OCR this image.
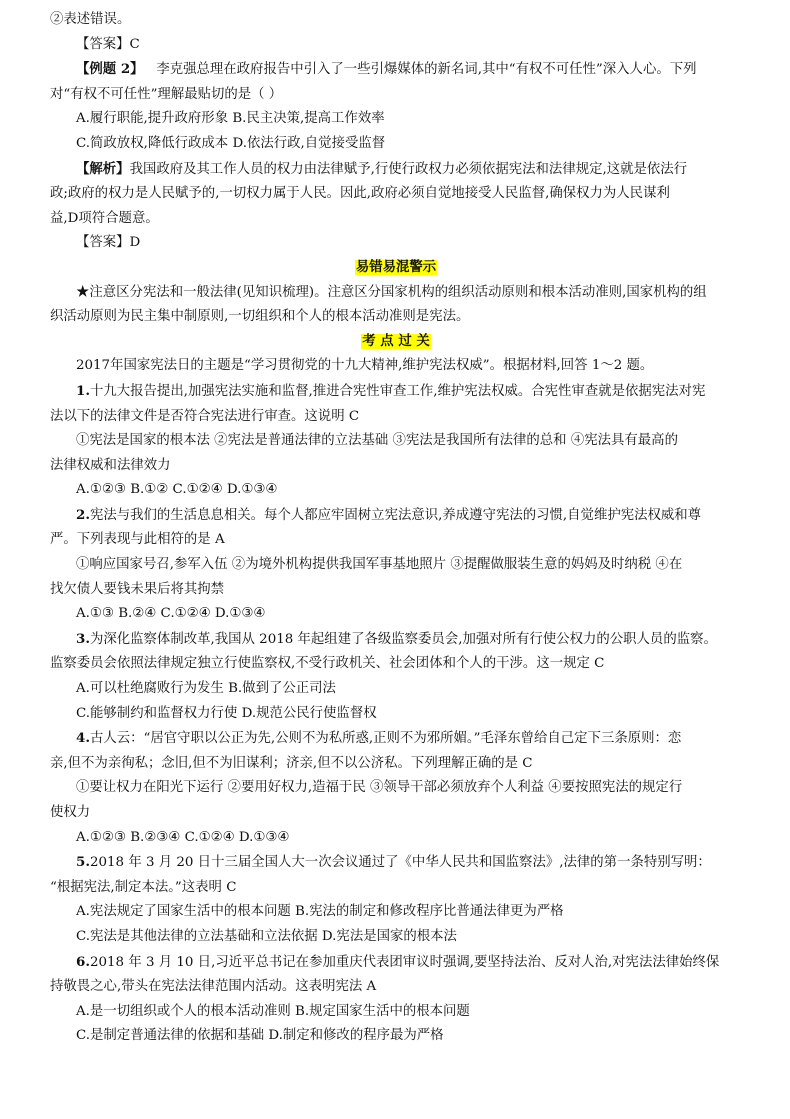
②表述错误。
【答案】C
【例题 2】 李克强总理在政府报告中引入了一些引爆媒体的新名词,其中“有权不可任性”深入人心。下列
对“有权不可任性”理解最贴切的是（ ）
A.履行职能,提升政府形象 B.民主决策,提高工作效率
C.简政放权,降低行政成本 D.依法行政,自觉接受监督
【解析】我国政府及其工作人员的权力由法律赋予,行使行政权力必须依据宪法和法律规定,这就是依法行
政;政府的权力是人民赋予的,一切权力属于人民。因此,政府必须自觉地接受人民监督,确保权力为人民谋利
益,D项符合题意。
【答案】D
易错易混警示
★注意区分宪法和一般法律(见知识梳理)。注意区分国家机构的组织活动原则和根本活动准则,国家机构的组
织活动原则为民主集中制原则,一切组织和个人的根本活动准则是宪法。
考 点 过 关
2017年国家宪法日的主题是“学习贯彻党的十九大精神,维护宪法权威”。根据材料,回答 1～2 题。
1.十九大报告提出,加强宪法实施和监督,推进合宪性审查工作,维护宪法权威。合宪性审查就是依据宪法对宪
法以下的法律文件是否符合宪法进行审查。这说明 C
①宪法是国家的根本法 ②宪法是普通法律的立法基础 ③宪法是我国所有法律的总和 ④宪法具有最高的
法律权威和法律效力
A.①②③ B.①② C.①②④ D.①③④
2.宪法与我们的生活息息相关。每个人都应牢固树立宪法意识,养成遵守宪法的习惯,自觉维护宪法权威和尊
严。下列表现与此相符的是 A
①响应国家号召,参军入伍 ②为境外机构提供我国军事基地照片 ③提醒做服装生意的妈妈及时纳税 ④在
找欠债人要钱未果后将其拘禁
A.①③ B.②④ C.①②④ D.①③④
3.为深化监察体制改革,我国从 2018 年起组建了各级监察委员会,加强对所有行使公权力的公职人员的监察。
监察委员会依照法律规定独立行使监察权,不受行政机关、社会团体和个人的干涉。这一规定 C
A.可以杜绝腐败行为发生 B.做到了公正司法
C.能够制约和监督权力行使 D.规范公民行使监督权
4.古人云：“居官守职以公正为先,公则不为私所惑,正则不为邪所媚。”毛泽东曾给自己定下三条原则：恋
亲,但不为亲徇私；念旧,但不为旧谋利；济亲,但不以公济私。下列理解正确的是 C
①要让权力在阳光下运行 ②要用好权力,造福于民 ③领导干部必须放弃个人利益 ④要按照宪法的规定行
使权力
A.①②③ B.②③④ C.①②④ D.①③④
5.2018 年 3 月 20 日十三届全国人大一次会议通过了《中华人民共和国监察法》,法律的第一条特别写明：
“根据宪法,制定本法。”这表明 C
A.宪法规定了国家生活中的根本问题 B.宪法的制定和修改程序比普通法律更为严格
C.宪法是其他法律的立法基础和立法依据 D.宪法是国家的根本法
6.2018 年 3 月 10 日,习近平总书记在参加重庆代表团审议时强调,要坚持法治、反对人治,对宪法法律始终保
持敬畏之心,带头在宪法法律范围内活动。这表明宪法 A
A.是一切组织或个人的根本活动准则 B.规定国家生活中的根本问题
C.是制定普通法律的依据和基础 D.制定和修改的程序最为严格
